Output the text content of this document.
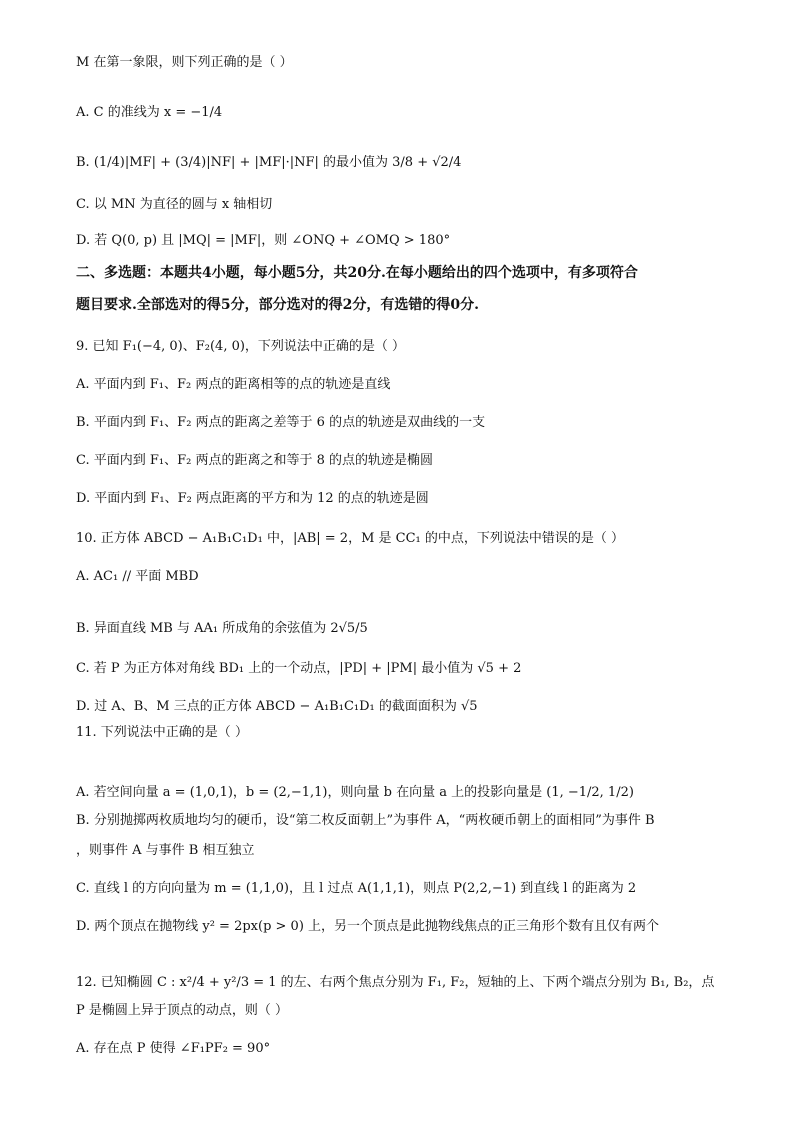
M 在第一象限，则下列正确的是（ ）
A. C 的准线为 x = −1/4
B. (1/4)|MF| + (3/4)|NF| + |MF|·|NF| 的最小值为 3/8 + √2/4
C. 以 MN 为直径的圆与 x 轴相切
D. 若 Q(0, p) 且 |MQ| = |MF|，则 ∠ONQ + ∠OMQ > 180°
二、多选题：本题共4小题，每小题5分，共20分.在每小题给出的四个选项中，有多项符合
题目要求.全部选对的得5分，部分选对的得2分，有选错的得0分.
9. 已知 F₁(−4, 0)、F₂(4, 0)，下列说法中正确的是（ ）
A. 平面内到 F₁、F₂ 两点的距离相等的点的轨迹是直线
B. 平面内到 F₁、F₂ 两点的距离之差等于 6 的点的轨迹是双曲线的一支
C. 平面内到 F₁、F₂ 两点的距离之和等于 8 的点的轨迹是椭圆
D. 平面内到 F₁、F₂ 两点距离的平方和为 12 的点的轨迹是圆
10. 正方体 ABCD − A₁B₁C₁D₁ 中，|AB| = 2，M 是 CC₁ 的中点，下列说法中错误的是（ ）
A. AC₁ // 平面 MBD
B. 异面直线 MB 与 AA₁ 所成角的余弦值为 2√5/5
C. 若 P 为正方体对角线 BD₁ 上的一个动点，|PD| + |PM| 最小值为 √5 + 2
D. 过 A、B、M 三点的正方体 ABCD − A₁B₁C₁D₁ 的截面面积为 √5
11. 下列说法中正确的是（ ）
A. 若空间向量 a = (1,0,1)，b = (2,−1,1)，则向量 b 在向量 a 上的投影向量是 (1, −1/2, 1/2)
B. 分别抛掷两枚质地均匀的硬币，设“第二枚反面朝上”为事件 A，“两枚硬币朝上的面相同”为事件 B
，则事件 A 与事件 B 相互独立
C. 直线 l 的方向向量为 m = (1,1,0)，且 l 过点 A(1,1,1)，则点 P(2,2,−1) 到直线 l 的距离为 2
D. 两个顶点在抛物线 y² = 2px(p > 0) 上，另一个顶点是此抛物线焦点的正三角形个数有且仅有两个
12. 已知椭圆 C : x²/4 + y²/3 = 1 的左、右两个焦点分别为 F₁, F₂，短轴的上、下两个端点分别为 B₁, B₂，点
P 是椭圆上异于顶点的动点，则（ ）
A. 存在点 P 使得 ∠F₁PF₂ = 90°
